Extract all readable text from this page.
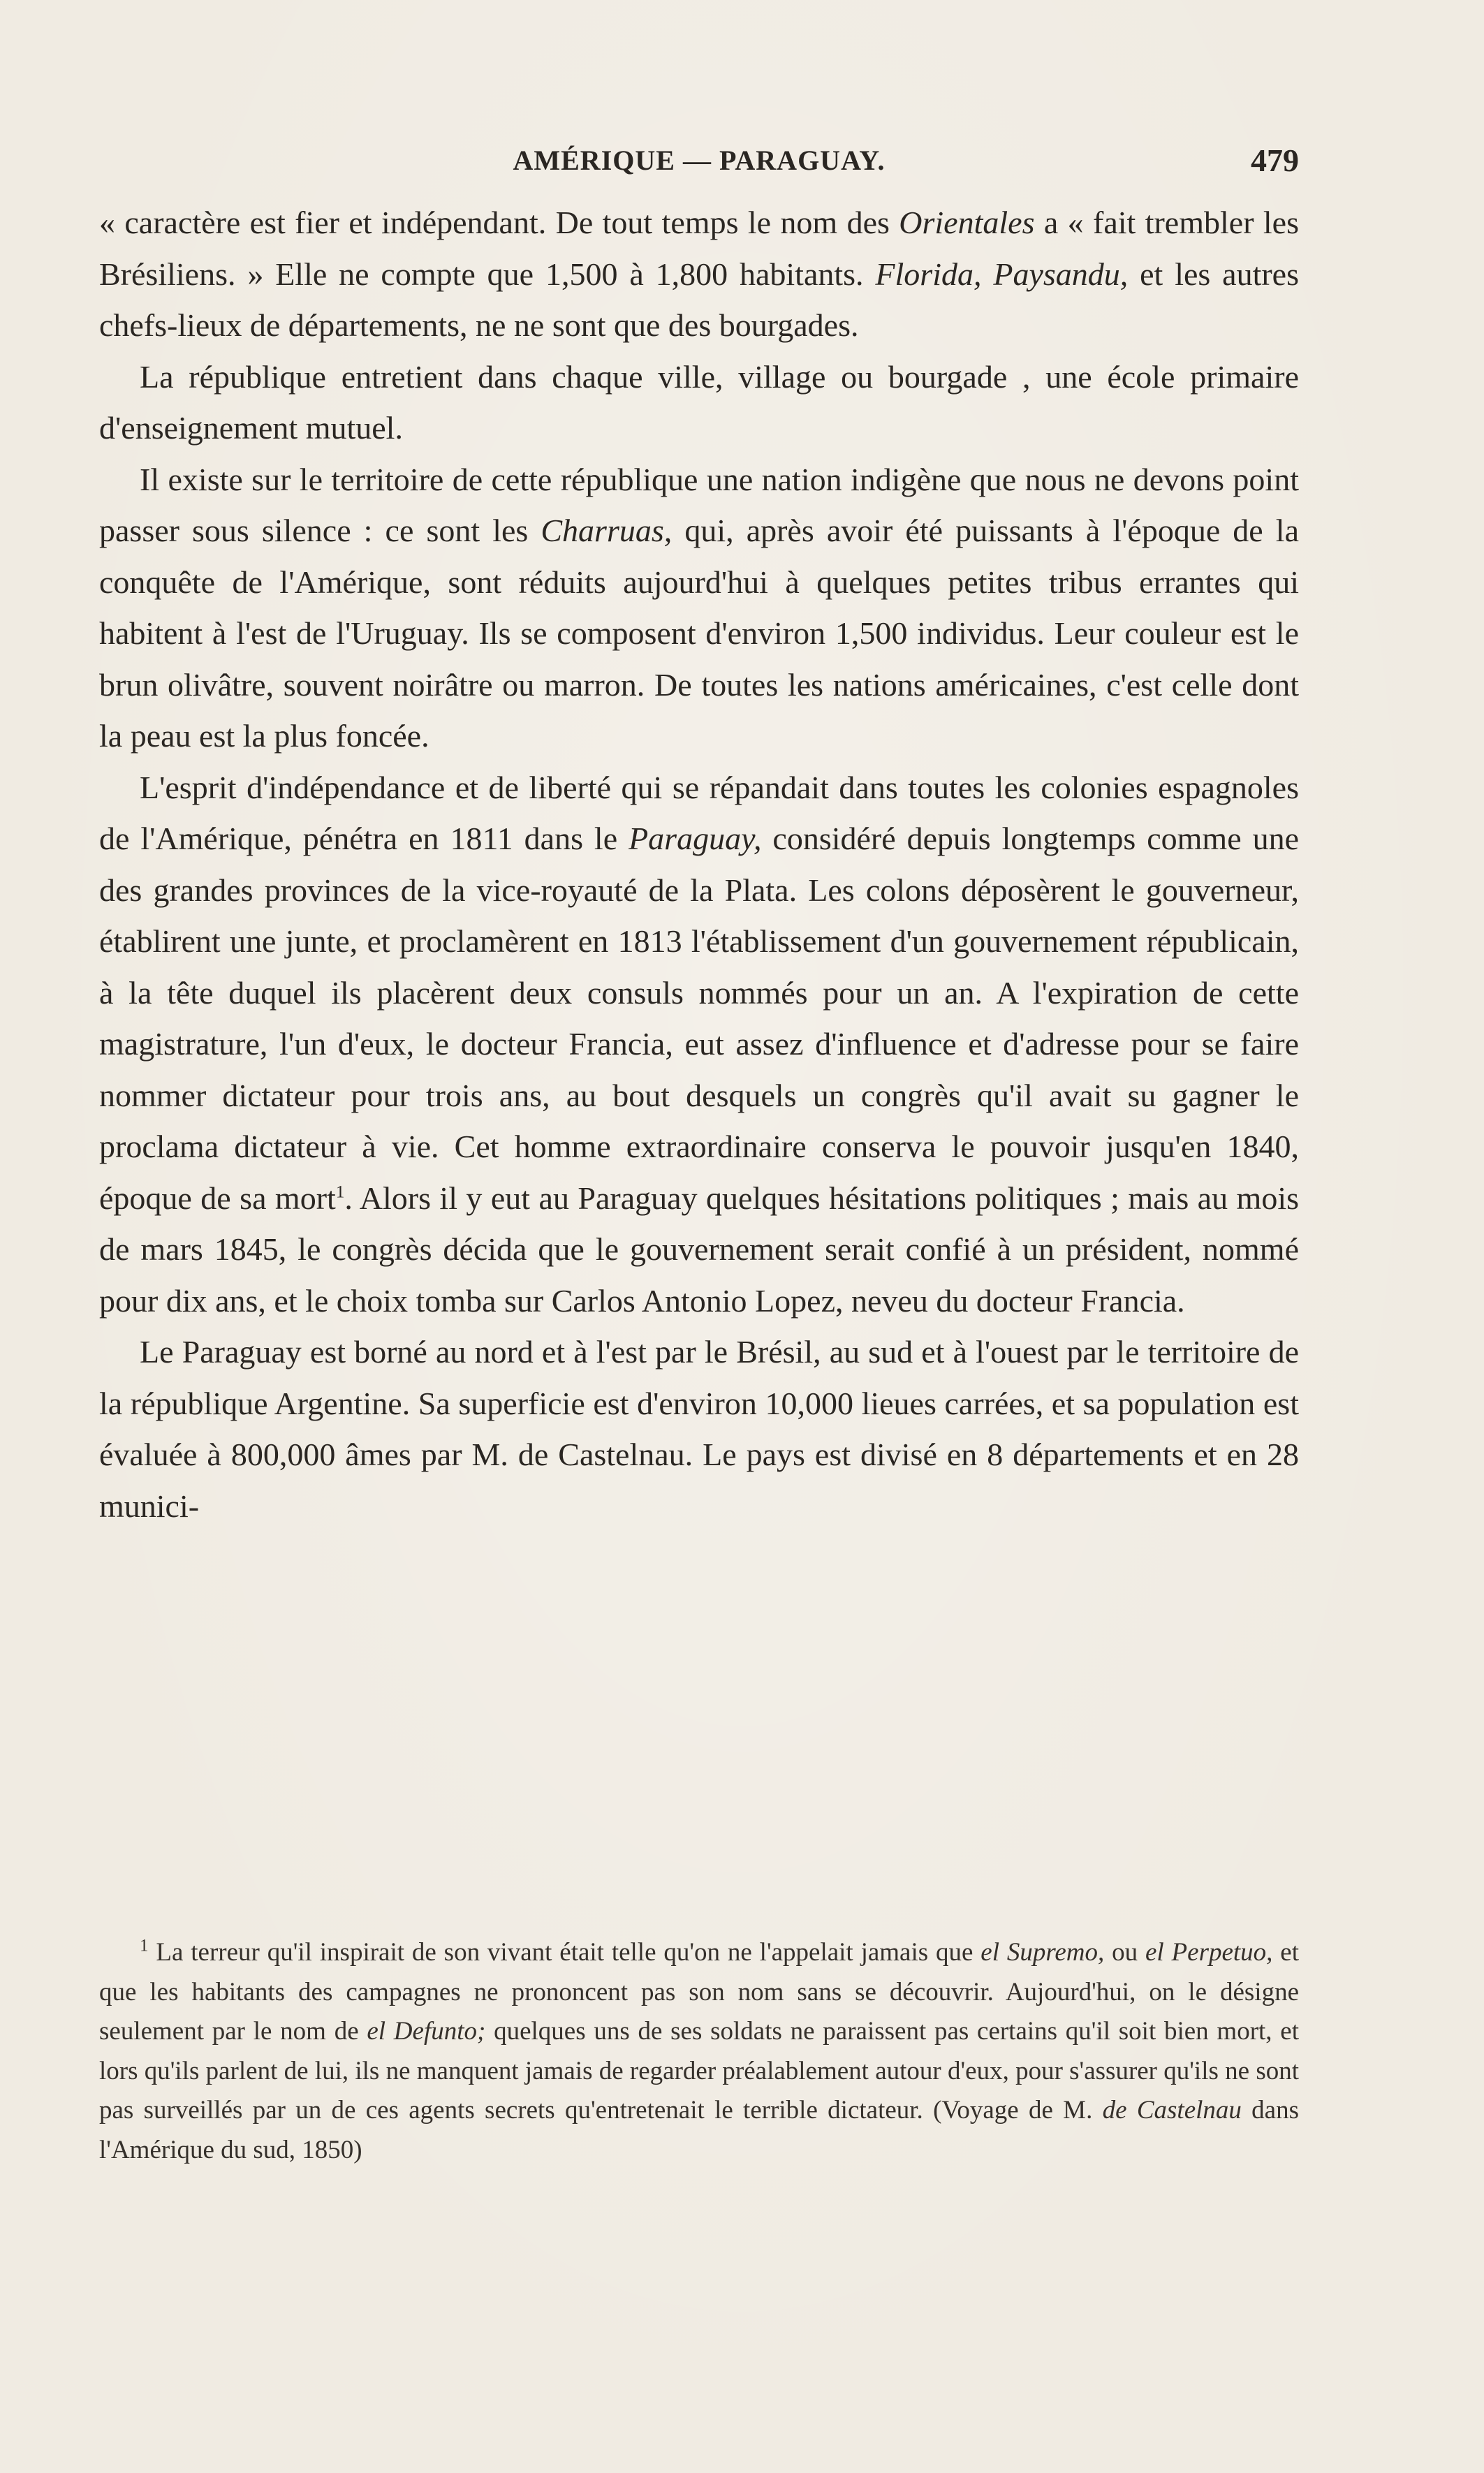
AMÉRIQUE — PARAGUAY.	479

« caractère est fier et indépendant. De tout temps le nom des Orientales a « fait trembler les Brésiliens. » Elle ne compte que 1,500 à 1,800 habitants. Florida, Paysandu, et les autres chefs-lieux de départements, ne ne sont que des bourgades.

La république entretient dans chaque ville, village ou bourgade , une école primaire d'enseignement mutuel.

Il existe sur le territoire de cette république une nation indigène que nous ne devons point passer sous silence : ce sont les Charruas, qui, après avoir été puissants à l'époque de la conquête de l'Amérique, sont réduits aujourd'hui à quelques petites tribus errantes qui habitent à l'est de l'Uruguay. Ils se composent d'environ 1,500 individus. Leur couleur est le brun olivâtre, souvent noirâtre ou marron. De toutes les nations américaines, c'est celle dont la peau est la plus foncée.

L'esprit d'indépendance et de liberté qui se répandait dans toutes les colonies espagnoles de l'Amérique, pénétra en 1811 dans le Paraguay, considéré depuis longtemps comme une des grandes provinces de la vice-royauté de la Plata. Les colons déposèrent le gouverneur, établirent une junte, et proclamèrent en 1813 l'établissement d'un gouvernement républicain, à la tête duquel ils placèrent deux consuls nommés pour un an. A l'expiration de cette magistrature, l'un d'eux, le docteur Francia, eut assez d'influence et d'adresse pour se faire nommer dictateur pour trois ans, au bout desquels un congrès qu'il avait su gagner le proclama dictateur à vie. Cet homme extraordinaire conserva le pouvoir jusqu'en 1840, époque de sa mort$^1$. Alors il y eut au Paraguay quelques hésitations politiques ; mais au mois de mars 1845, le congrès décida que le gouvernement serait confié à un président, nommé pour dix ans, et le choix tomba sur Carlos Antonio Lopez, neveu du docteur Francia.

Le Paraguay est borné au nord et à l'est par le Brésil, au sud et à l'ouest par le territoire de la république Argentine. Sa superficie est d'environ 10,000 lieues carrées, et sa population est évaluée à 800,000 âmes par M. de Castelnau. Le pays est divisé en 8 départements et en 28 munici-

$^1$ La terreur qu'il inspirait de son vivant était telle qu'on ne l'appelait jamais que el Supremo, ou el Perpetuo, et que les habitants des campagnes ne prononcent pas son nom sans se découvrir. Aujourd'hui, on le désigne seulement par le nom de el Defunto; quelques uns de ses soldats ne paraissent pas certains qu'il soit bien mort, et lors qu'ils parlent de lui, ils ne manquent jamais de regarder préalablement autour d'eux, pour s'assurer qu'ils ne sont pas surveillés par un de ces agents secrets qu'entretenait le terrible dictateur. (Voyage de M. de Castelnau dans l'Amérique du sud, 1850)
